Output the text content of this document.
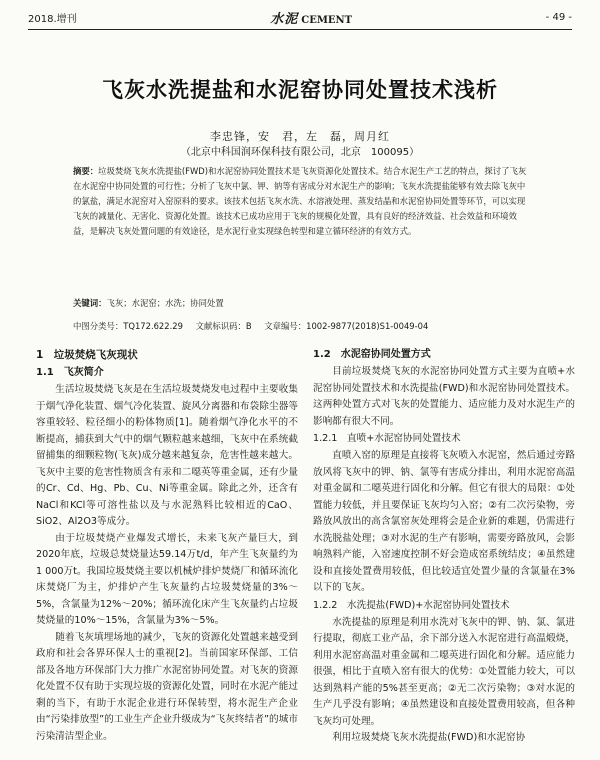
2018.增刊	水泥 CEMENT	- 49 -
飞灰水洗提盐和水泥窑协同处置技术浅析
李忠锋，安　君，左　磊，周月红
（北京中科国润环保科技有限公司，北京　100095）
摘要：垃圾焚烧飞灰水洗提盐(FWD)和水泥窑协同处置技术是飞灰资源化处置技术。结合水泥生产工艺的特点，探讨了飞灰在水泥窑中协同处置的可行性；分析了飞灰中氯、钾、钠等有害成分对水泥生产的影响；飞灰水洗提盐能够有效去除飞灰中的氯盐，满足水泥窑对入窑原料的要求。该技术包括飞灰水洗、水溶液处理、蒸发结晶和水泥窑协同处置等环节，可以实现飞灰的减量化、无害化、资源化处置。该技术已成功应用于飞灰的规模化处置，具有良好的经济效益、社会效益和环境效益，是解决飞灰处置问题的有效途径，是水泥行业实现绿色转型和建立循环经济的有效方式。
关键词：飞灰；水泥窑；水洗；协同处置
中图分类号：TQ172.622.29 文献标识码：B 文章编号：1002-9877(2018)S1-0049-04
1　垃圾焚烧飞灰现状
1.1　飞灰简介

生活垃圾焚烧飞灰是在生活垃圾焚烧发电过程中主要收集于烟气净化装置、烟气冷化装置、旋风分离器和布袋除尘器等容重较轻、粒径细小的粉体物质[1]。随着烟气净化水平的不断提高，捕获到大气中的烟气颗粒越来越细，飞灰中在系统截留捕集的细颗粒物(飞灰)成分越来越复杂，危害性越来越大。飞灰中主要的危害性物质含有汞和二噁英等重金属，还有少量的Cr、Cd、Hg、Pb、Cu、Ni等重金属。除此之外，还含有NaCl和KCl等可溶性盐以及与水泥熟料比较相近的CaO、SiO2、Al2O3等成分。

由于垃圾焚烧产业爆发式增长，未来飞灰产量巨大，到2020年底，垃圾总焚烧量达59.14万t/d，年产生飞灰量约为1 000万t。我国垃圾焚烧主要以机械炉排炉焚烧厂和循环流化床焚烧厂为主，炉排炉产生飞灰量约占垃圾焚烧量的3%～5%，含氯量为12%～20%；循环流化床产生飞灰量约占垃圾焚烧量的10%～15%，含氯量为3%～5%。

随着飞灰填埋场地的减少，飞灰的资源化处置越来越受到政府和社会各界环保人士的重视[2]。当前国家环保部、工信部及各地方环保部门大力推广水泥窑协同处置。对飞灰的资源化处置不仅有助于实现垃圾的资源化处置，同时在水泥产能过剩的当下，有助于水泥企业进行环保转型，将水泥生产企业由“污染排放型”的工业生产企业升级成为“飞灰终结者”的城市污染清洁型企业。

1.2　水泥窑协同处置方式

目前垃圾焚烧飞灰的水泥窑协同处置方式主要为直喷+水泥窑协同处置技术和水洗提盐(FWD)和水泥窑协同处置技术。这两种处置方式对飞灰的处置能力、适应能力及对水泥生产的影响都有很大不同。

1.2.1　直喷+水泥窑协同处置技术

直喷入窑的原理是直接将飞灰喷入水泥窑，然后通过旁路放风将飞灰中的钾、钠、氯等有害成分排出，利用水泥窑高温对重金属和二噁英进行固化和分解。但它有很大的局限：①处置能力较低，并且要保证飞灰均匀入窑；②有二次污染物，旁路放风放出的高含氯窑灰处理将会是企业新的难题，仍需进行水洗脱盐处理；③对水泥的生产有影响，需要旁路放风，会影响熟料产能，入窑速度控制不好会造成窑系统结皮；④虽然建设和直接处置费用较低，但比较适宜处置少量的含氯量在3%以下的飞灰。

1.2.2　水洗提盐(FWD)+水泥窑协同处置技术

水洗提盐的原理是利用水洗对飞灰中的钾、钠、氯、氯进行提取，彻底工业产品，余下部分送入水泥窑进行高温煅烧，利用水泥窑高温对重金属和二噁英进行固化和分解。适应能力很强，相比于直喷入窑有很大的优势：①处置能力较大，可以达到熟料产能的5%甚至更高；②无二次污染物；③对水泥的生产几乎没有影响；④虽然建设和直接处置费用较高，但各种飞灰均可处理。

利用垃圾焚烧飞灰水洗提盐(FWD)和水泥窑协
